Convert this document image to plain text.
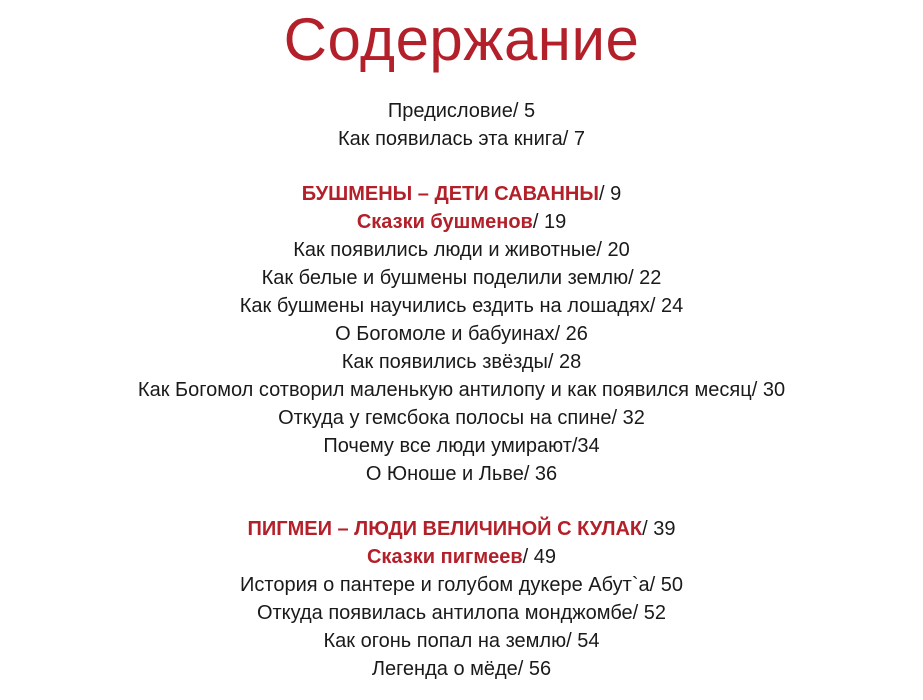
Содержание
Предисловие/ 5
Как появилась эта книга/ 7
БУШМЕНЫ – ДЕТИ САВАННЫ/ 9
Сказки бушменов/ 19
Как появились люди и животные/ 20
Как белые и бушмены поделили землю/ 22
Как бушмены научились ездить на лошадях/ 24
О Богомоле и бабуинах/ 26
Как появились звёзды/ 28
Как Богомол сотворил маленькую антилопу и как появился месяц/ 30
Откуда у гемсбока полосы на спине/ 32
Почему все люди умирают/34
О Юноше и Льве/ 36
ПИГМЕИ – ЛЮДИ ВЕЛИЧИНОЙ С КУЛАК/ 39
Сказки пигмеев/ 49
История о пантере и голубом дукере Абут`а/ 50
Откуда появилась антилопа монджомбе/ 52
Как огонь попал на землю/ 54
Легенда о мёде/ 56
